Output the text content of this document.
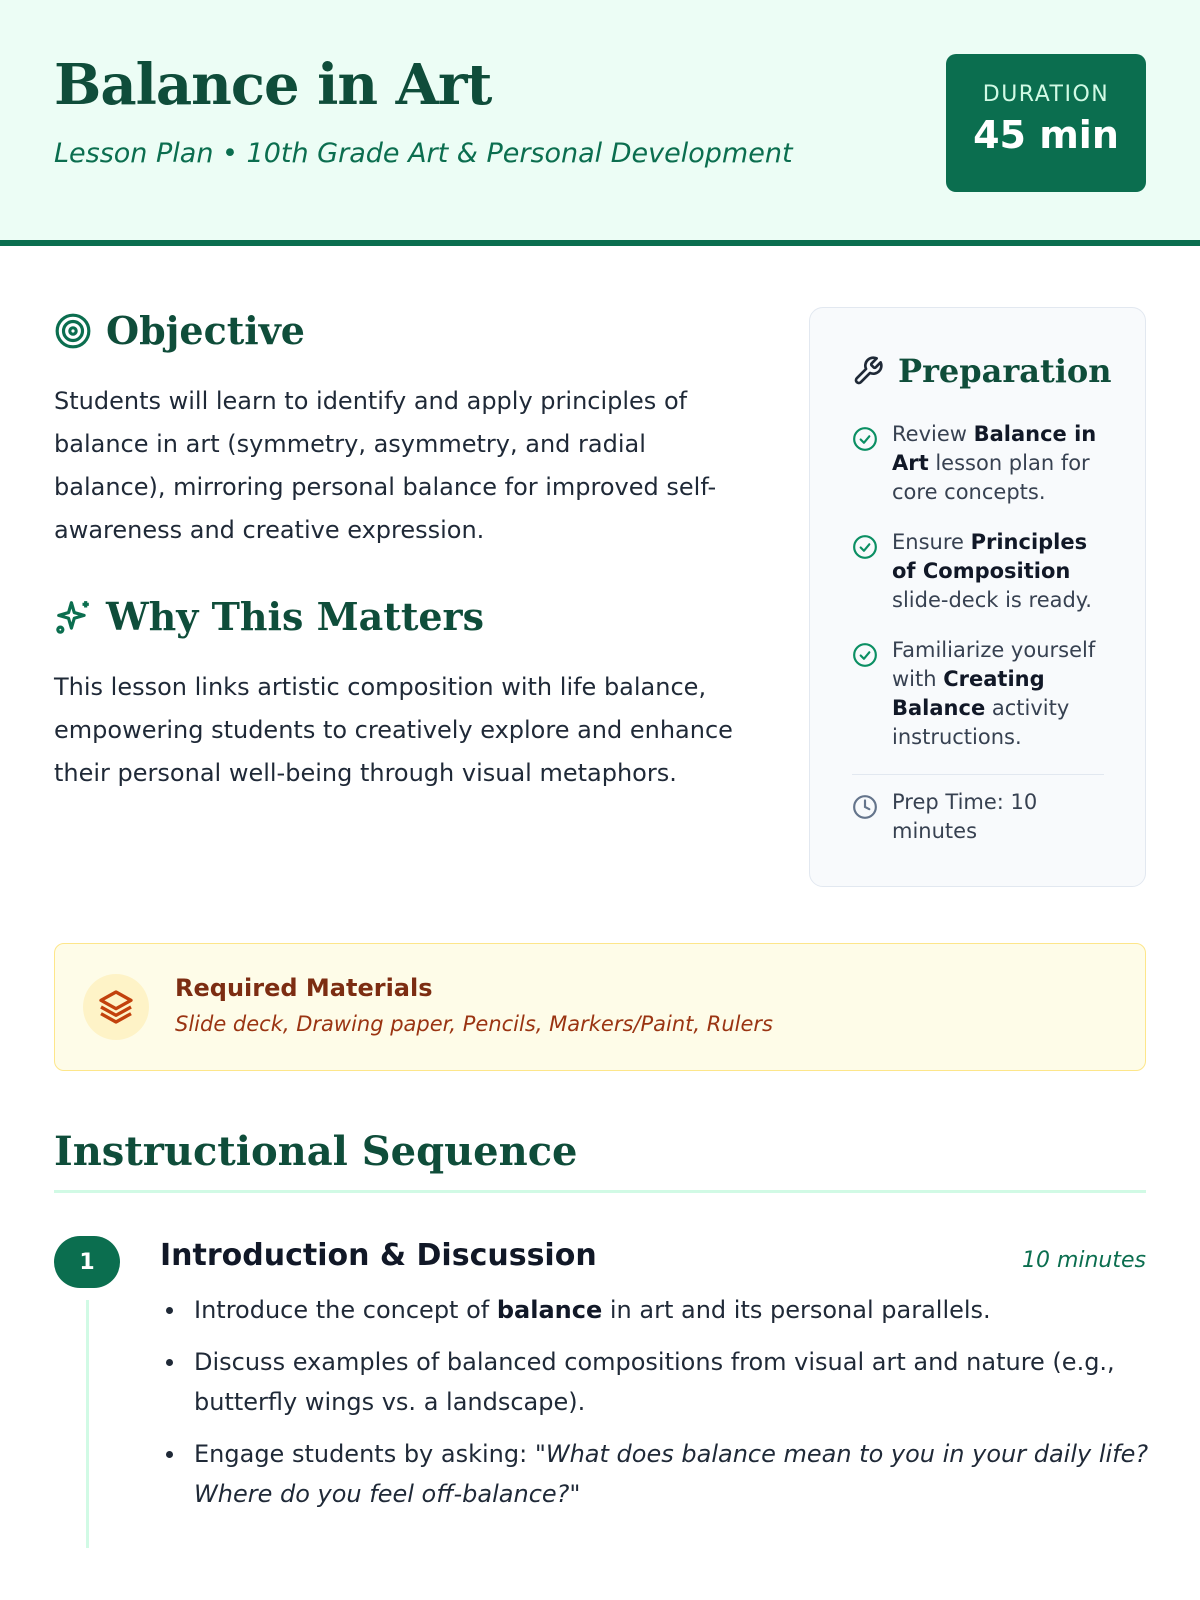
Balance in Art
Lesson Plan • 10th Grade Art & Personal Development
DURATION
45 min
Objective

Students will learn to identify and apply principles of balance in art (symmetry, asymmetry, and radial balance), mirroring personal balance for improved self-awareness and creative expression.

Why This Matters

This lesson links artistic composition with life balance, empowering students to creatively explore and enhance their personal well-being through visual metaphors.

Preparation
Review Balance in Art lesson plan for core concepts.
Ensure Principles of Composition slide-deck is ready.
Familiarize yourself with Creating Balance activity instructions.
Prep Time: 10 minutes
Required Materials
Slide deck, Drawing paper, Pencils, Markers/Paint, Rulers
Instructional Sequence
1	Introduction & Discussion	10 minutes
Introduce the concept of balance in art and its personal parallels.
Discuss examples of balanced compositions from visual art and nature (e.g., butterfly wings vs. a landscape).
Engage students by asking: "What does balance mean to you in your daily life? Where do you feel off-balance?"
